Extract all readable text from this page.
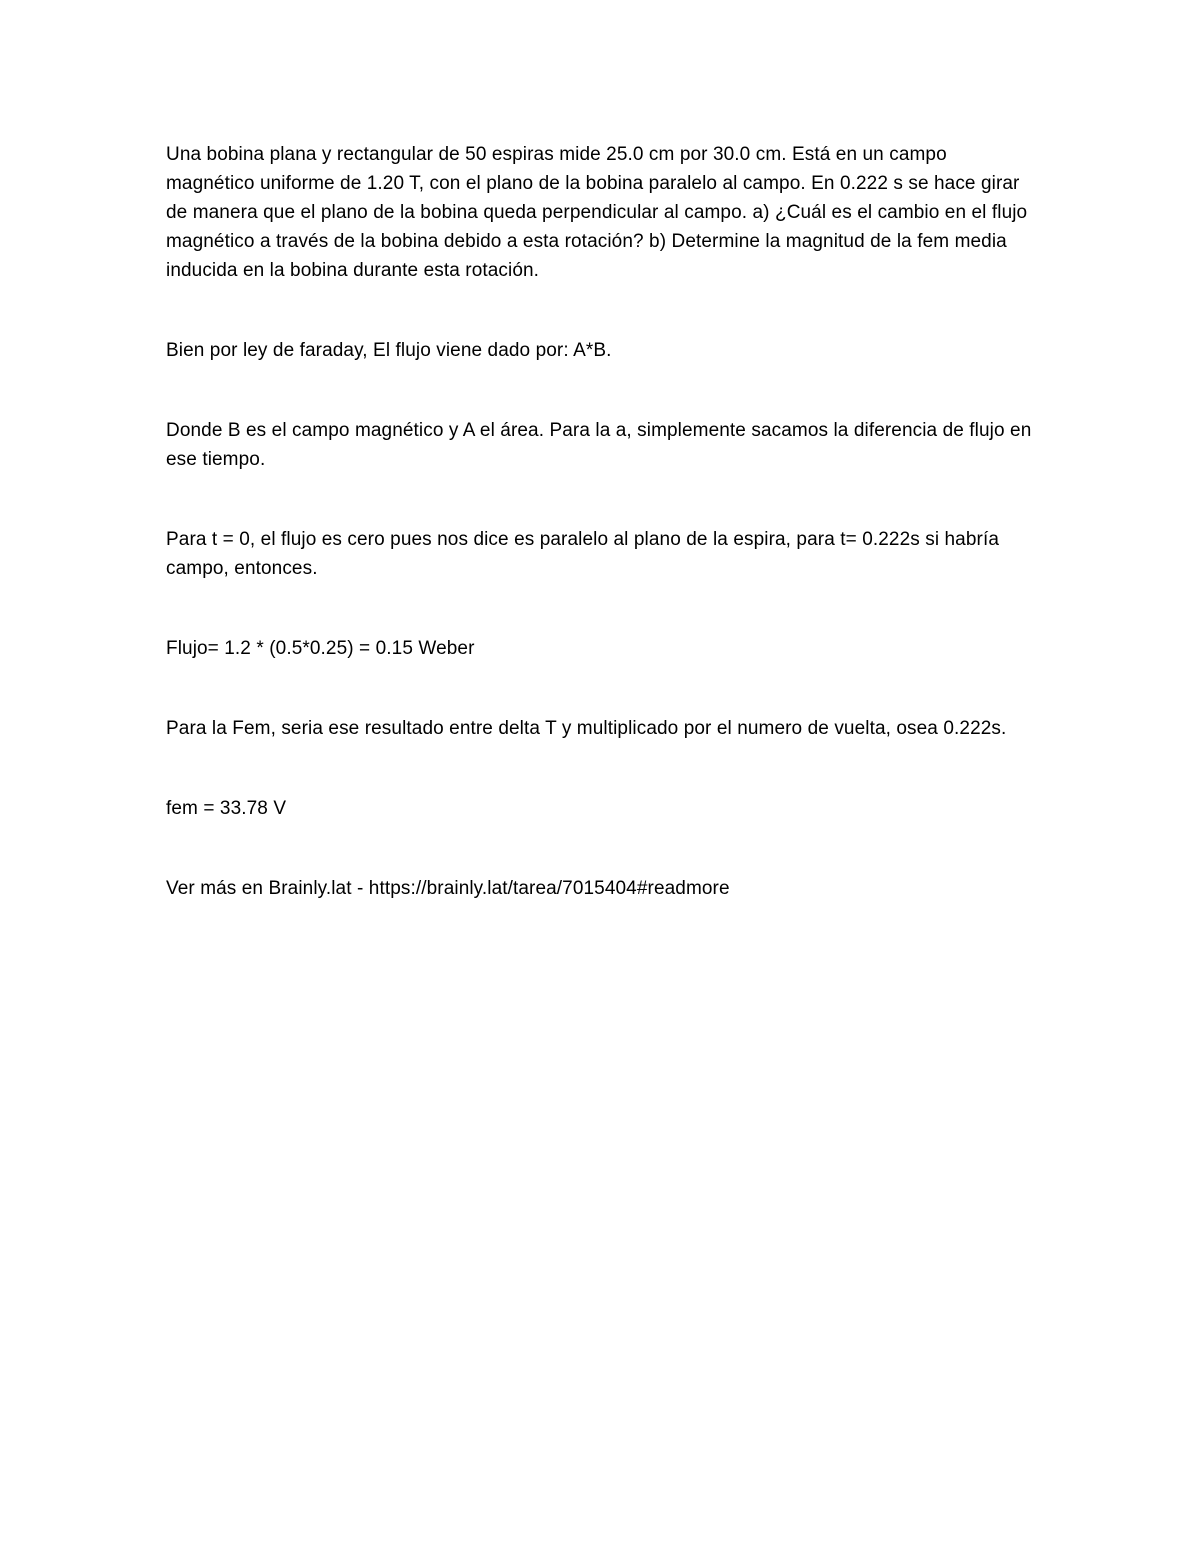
Una bobina plana y rectangular de 50 espiras mide 25.0 cm por 30.0 cm. Está en un campo magnético uniforme de 1.20 T, con el plano de la bobina paralelo al campo. En 0.222 s se hace girar de manera que el plano de la bobina queda perpendicular al campo. a) ¿Cuál es el cambio en el flujo magnético a través de la bobina debido a esta rotación? b) Determine la magnitud de la fem media inducida en la bobina durante esta rotación.

Bien por ley de faraday, El flujo viene dado por: A*B.

Donde B es el campo magnético y A el área. Para la a, simplemente sacamos la diferencia de flujo en ese tiempo.

Para t = 0, el flujo es cero pues nos dice es paralelo al plano de la espira, para t= 0.222s si habría campo, entonces.

Flujo= 1.2 * (0.5*0.25) = 0.15 Weber

Para la Fem, seria ese resultado entre delta T y multiplicado por el numero de vuelta, osea 0.222s.

fem = 33.78 V

Ver más en Brainly.lat - https://brainly.lat/tarea/7015404#readmore
